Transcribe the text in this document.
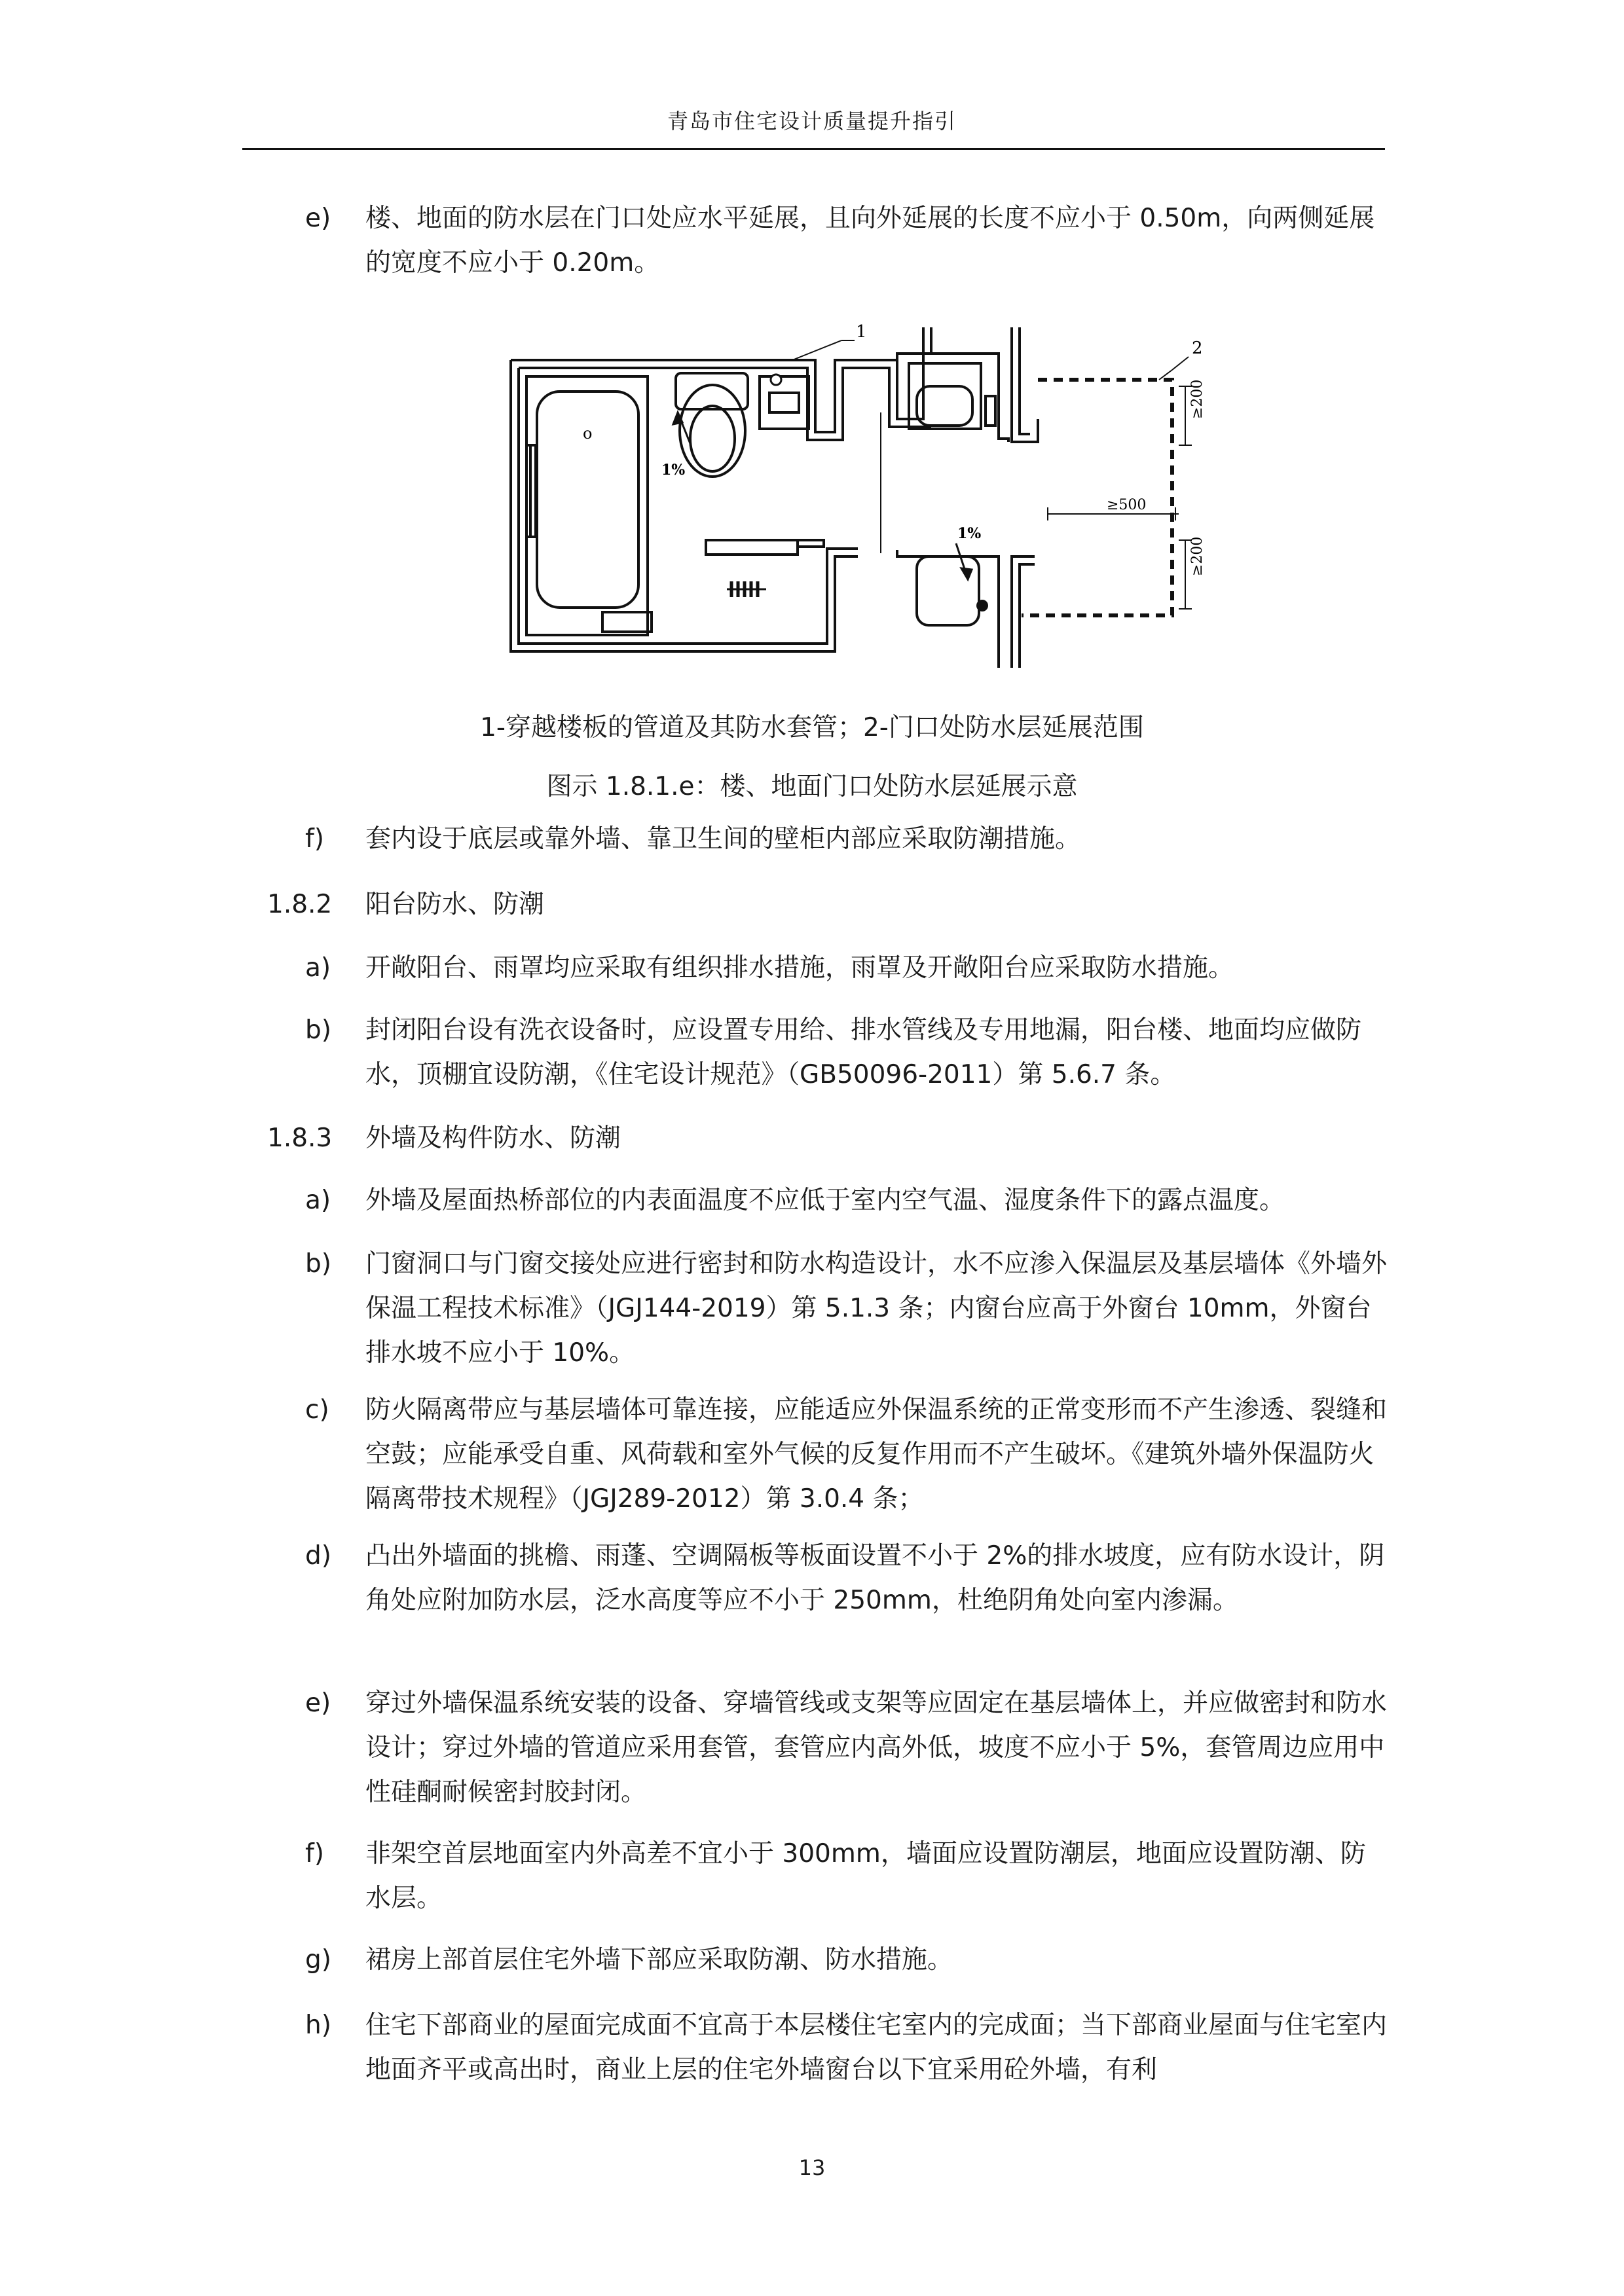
青岛市住宅设计质量提升指引
e) 楼、地面的防水层在门口处应水平延展，且向外延展的长度不应小于 0.50m，向两侧延展的宽度不应小于 0.20m。
1
2
1%
1%
o
≥500
≥200
≥200
1-穿越楼板的管道及其防水套管；2-门口处防水层延展范围
图示 1.8.1.e：楼、地面门口处防水层延展示意
f) 套内设于底层或靠外墙、靠卫生间的壁柜内部应采取防潮措施。
1.8.2 阳台防水、防潮
a) 开敞阳台、雨罩均应采取有组织排水措施，雨罩及开敞阳台应采取防水措施。
b) 封闭阳台设有洗衣设备时，应设置专用给、排水管线及专用地漏，阳台楼、地面均应做防水，顶棚宜设防潮，《住宅设计规范》（GB50096-2011）第 5.6.7 条。
1.8.3 外墙及构件防水、防潮
a) 外墙及屋面热桥部位的内表面温度不应低于室内空气温、湿度条件下的露点温度。
b) 门窗洞口与门窗交接处应进行密封和防水构造设计，水不应渗入保温层及基层墙体《外墙外保温工程技术标准》（JGJ144-2019）第 5.1.3 条；内窗台应高于外窗台 10mm，外窗台排水坡不应小于 10%。
c) 防火隔离带应与基层墙体可靠连接，应能适应外保温系统的正常变形而不产生渗透、裂缝和空鼓；应能承受自重、风荷载和室外气候的反复作用而不产生破坏。《建筑外墙外保温防火隔离带技术规程》（JGJ289-2012）第 3.0.4 条；
d) 凸出外墙面的挑檐、雨蓬、空调隔板等板面设置不小于 2%的排水坡度，应有防水设计，阴角处应附加防水层，泛水高度等应不小于 250mm，杜绝阴角处向室内渗漏。
e) 穿过外墙保温系统安装的设备、穿墙管线或支架等应固定在基层墙体上，并应做密封和防水设计；穿过外墙的管道应采用套管，套管应内高外低，坡度不应小于 5%，套管周边应用中性硅酮耐候密封胶封闭。
f) 非架空首层地面室内外高差不宜小于 300mm，墙面应设置防潮层，地面应设置防潮、防水层。
g) 裙房上部首层住宅外墙下部应采取防潮、防水措施。
h) 住宅下部商业的屋面完成面不宜高于本层楼住宅室内的完成面；当下部商业屋面与住宅室内地面齐平或高出时，商业上层的住宅外墙窗台以下宜采用砼外墙，有利
13
